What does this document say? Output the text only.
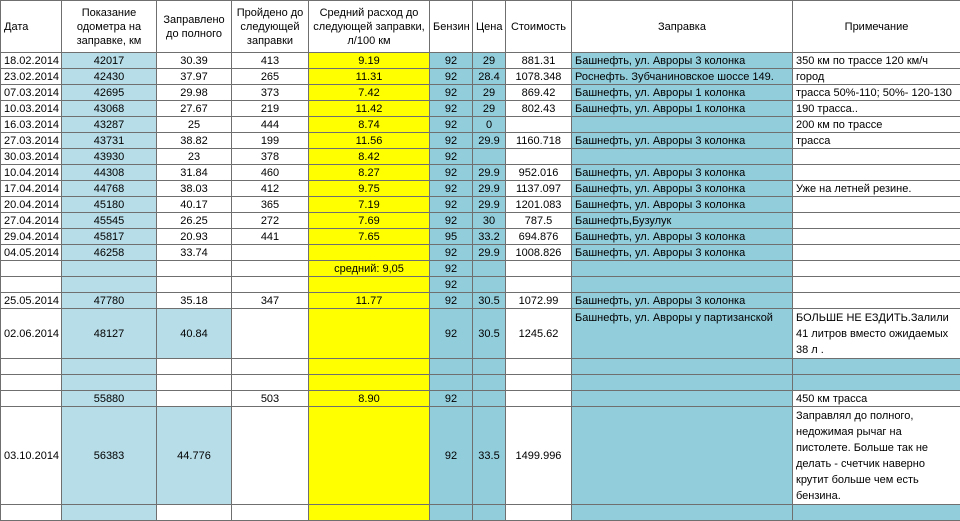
Дата	Показание одометра на заправке, км	Заправлено до полного	Пройдено до следующей заправки	Средний расход до следующей заправки, л/100 км	Бензин	Цена	Стоимость	Заправка	Примечание
18.02.2014	42017	30.39	413	9.19	92	29	881.31	Башнефть, ул. Авроры 3 колонка	350 км по трассе 120 км/ч
23.02.2014	42430	37.97	265	11.31	92	28.4	1078.348	Роснефть. Зубчаниновское шоссе 149.	город
07.03.2014	42695	29.98	373	7.42	92	29	869.42	Башнефть, ул. Авроры 1 колонка	трасса 50%-110; 50%- 120-130
10.03.2014	43068	27.67	219	11.42	92	29	802.43	Башнефть, ул. Авроры 1 колонка	190 трасса..
16.03.2014	43287	25	444	8.74	92	0			200 км по трассе
27.03.2014	43731	38.82	199	11.56	92	29.9	1160.718	Башнефть, ул. Авроры 3 колонка	трасса
30.03.2014	43930	23	378	8.42	92				
10.04.2014	44308	31.84	460	8.27	92	29.9	952.016	Башнефть, ул. Авроры 3 колонка	
17.04.2014	44768	38.03	412	9.75	92	29.9	1137.097	Башнефть, ул. Авроры 3 колонка	Уже на летней резине.
20.04.2014	45180	40.17	365	7.19	92	29.9	1201.083	Башнефть, ул. Авроры 3 колонка	
27.04.2014	45545	26.25	272	7.69	92	30	787.5	Башнефть,Бузулук	
29.04.2014	45817	20.93	441	7.65	95	33.2	694.876	Башнефть, ул. Авроры 3 колонка	
04.05.2014	46258	33.74			92	29.9	1008.826	Башнефть, ул. Авроры 3 колонка	
				средний: 9,05	92				
					92				
25.05.2014	47780	35.18	347	11.77	92	30.5	1072.99	Башнефть, ул. Авроры 3 колонка	
02.06.2014	48127	40.84			92	30.5	1245.62	Башнефть, ул. Авроры у партизанской	БОЛЬШЕ НЕ ЕЗДИТЬ.Залили 41 литров вместо ожидаемых 38 л .

	55880		503	8.90	92				450 км трасса
03.10.2014	56383	44.776			92	33.5	1499.996		Заправлял до полного, недожимая рычаг на пистолете. Больше так не делать - счетчик наверно крутит больше чем есть бензина.
